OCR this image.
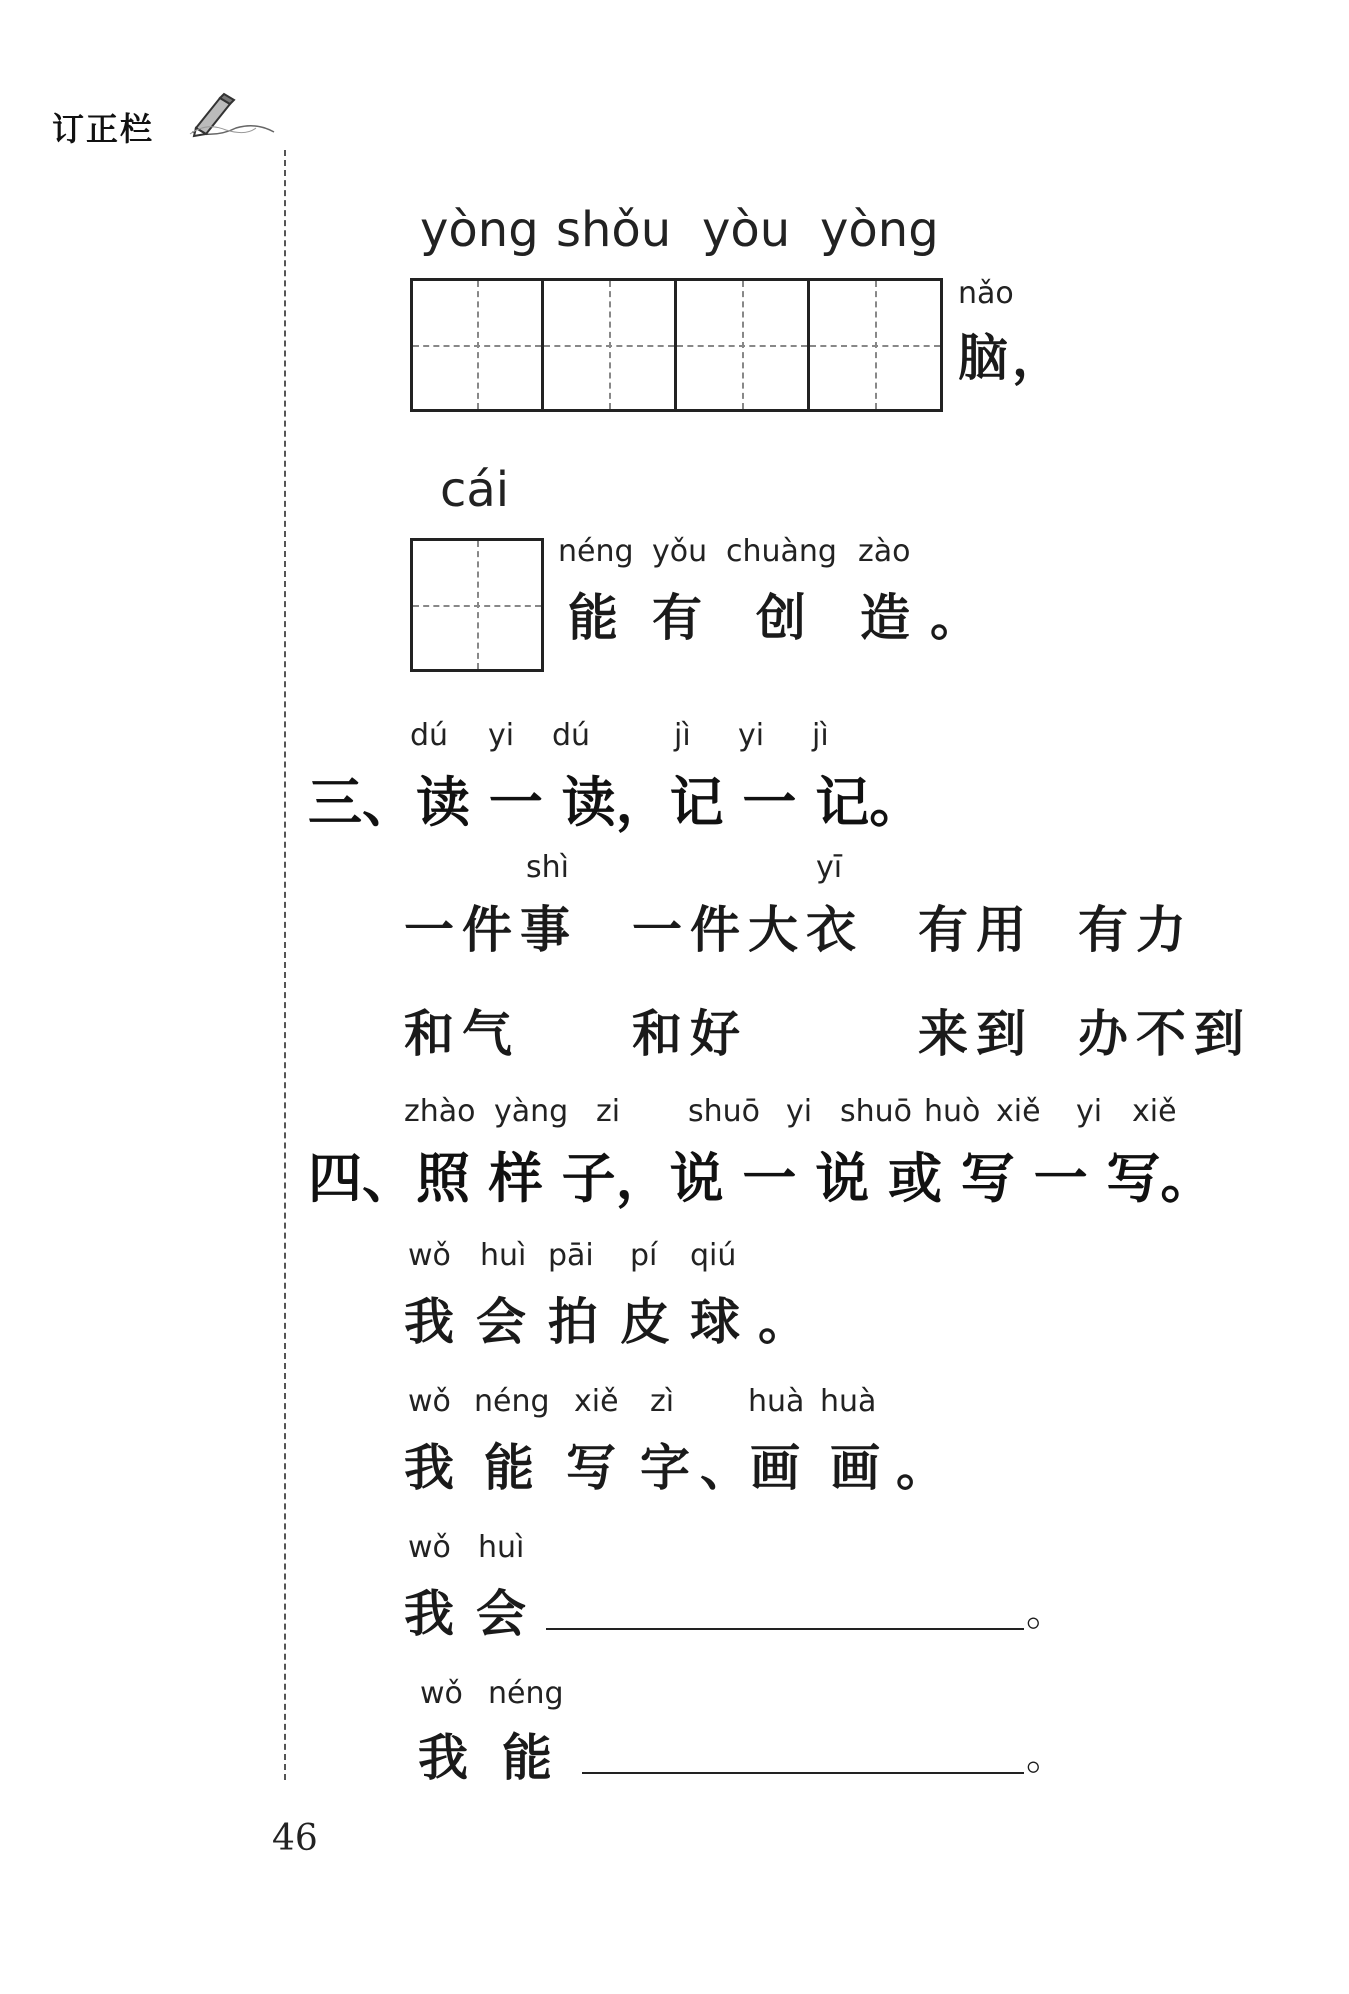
订正栏
yòng shǒu yòu yòng
nǎo
脑 ，
cái
néng yǒu chuàng zào
能 有 创 造 。
dú yi dú	jì yi jì
三、读 一 读，记 一 记。
shì	yī
一件事 一件大衣 有用 有力
和气 和好	来到 办不到
zhào yàng zi shuō yi shuō huò xiě yi xiě
四、照 样 子，说 一 说 或 写 一 写。
wǒ huì pāi pí qiú
我 会 拍 皮 球 。
wǒ néng xiě zì huà huà
我 能 写 字 、画 画 。
wǒ huì
我 会	。
wǒ néng
我 能	。
46
